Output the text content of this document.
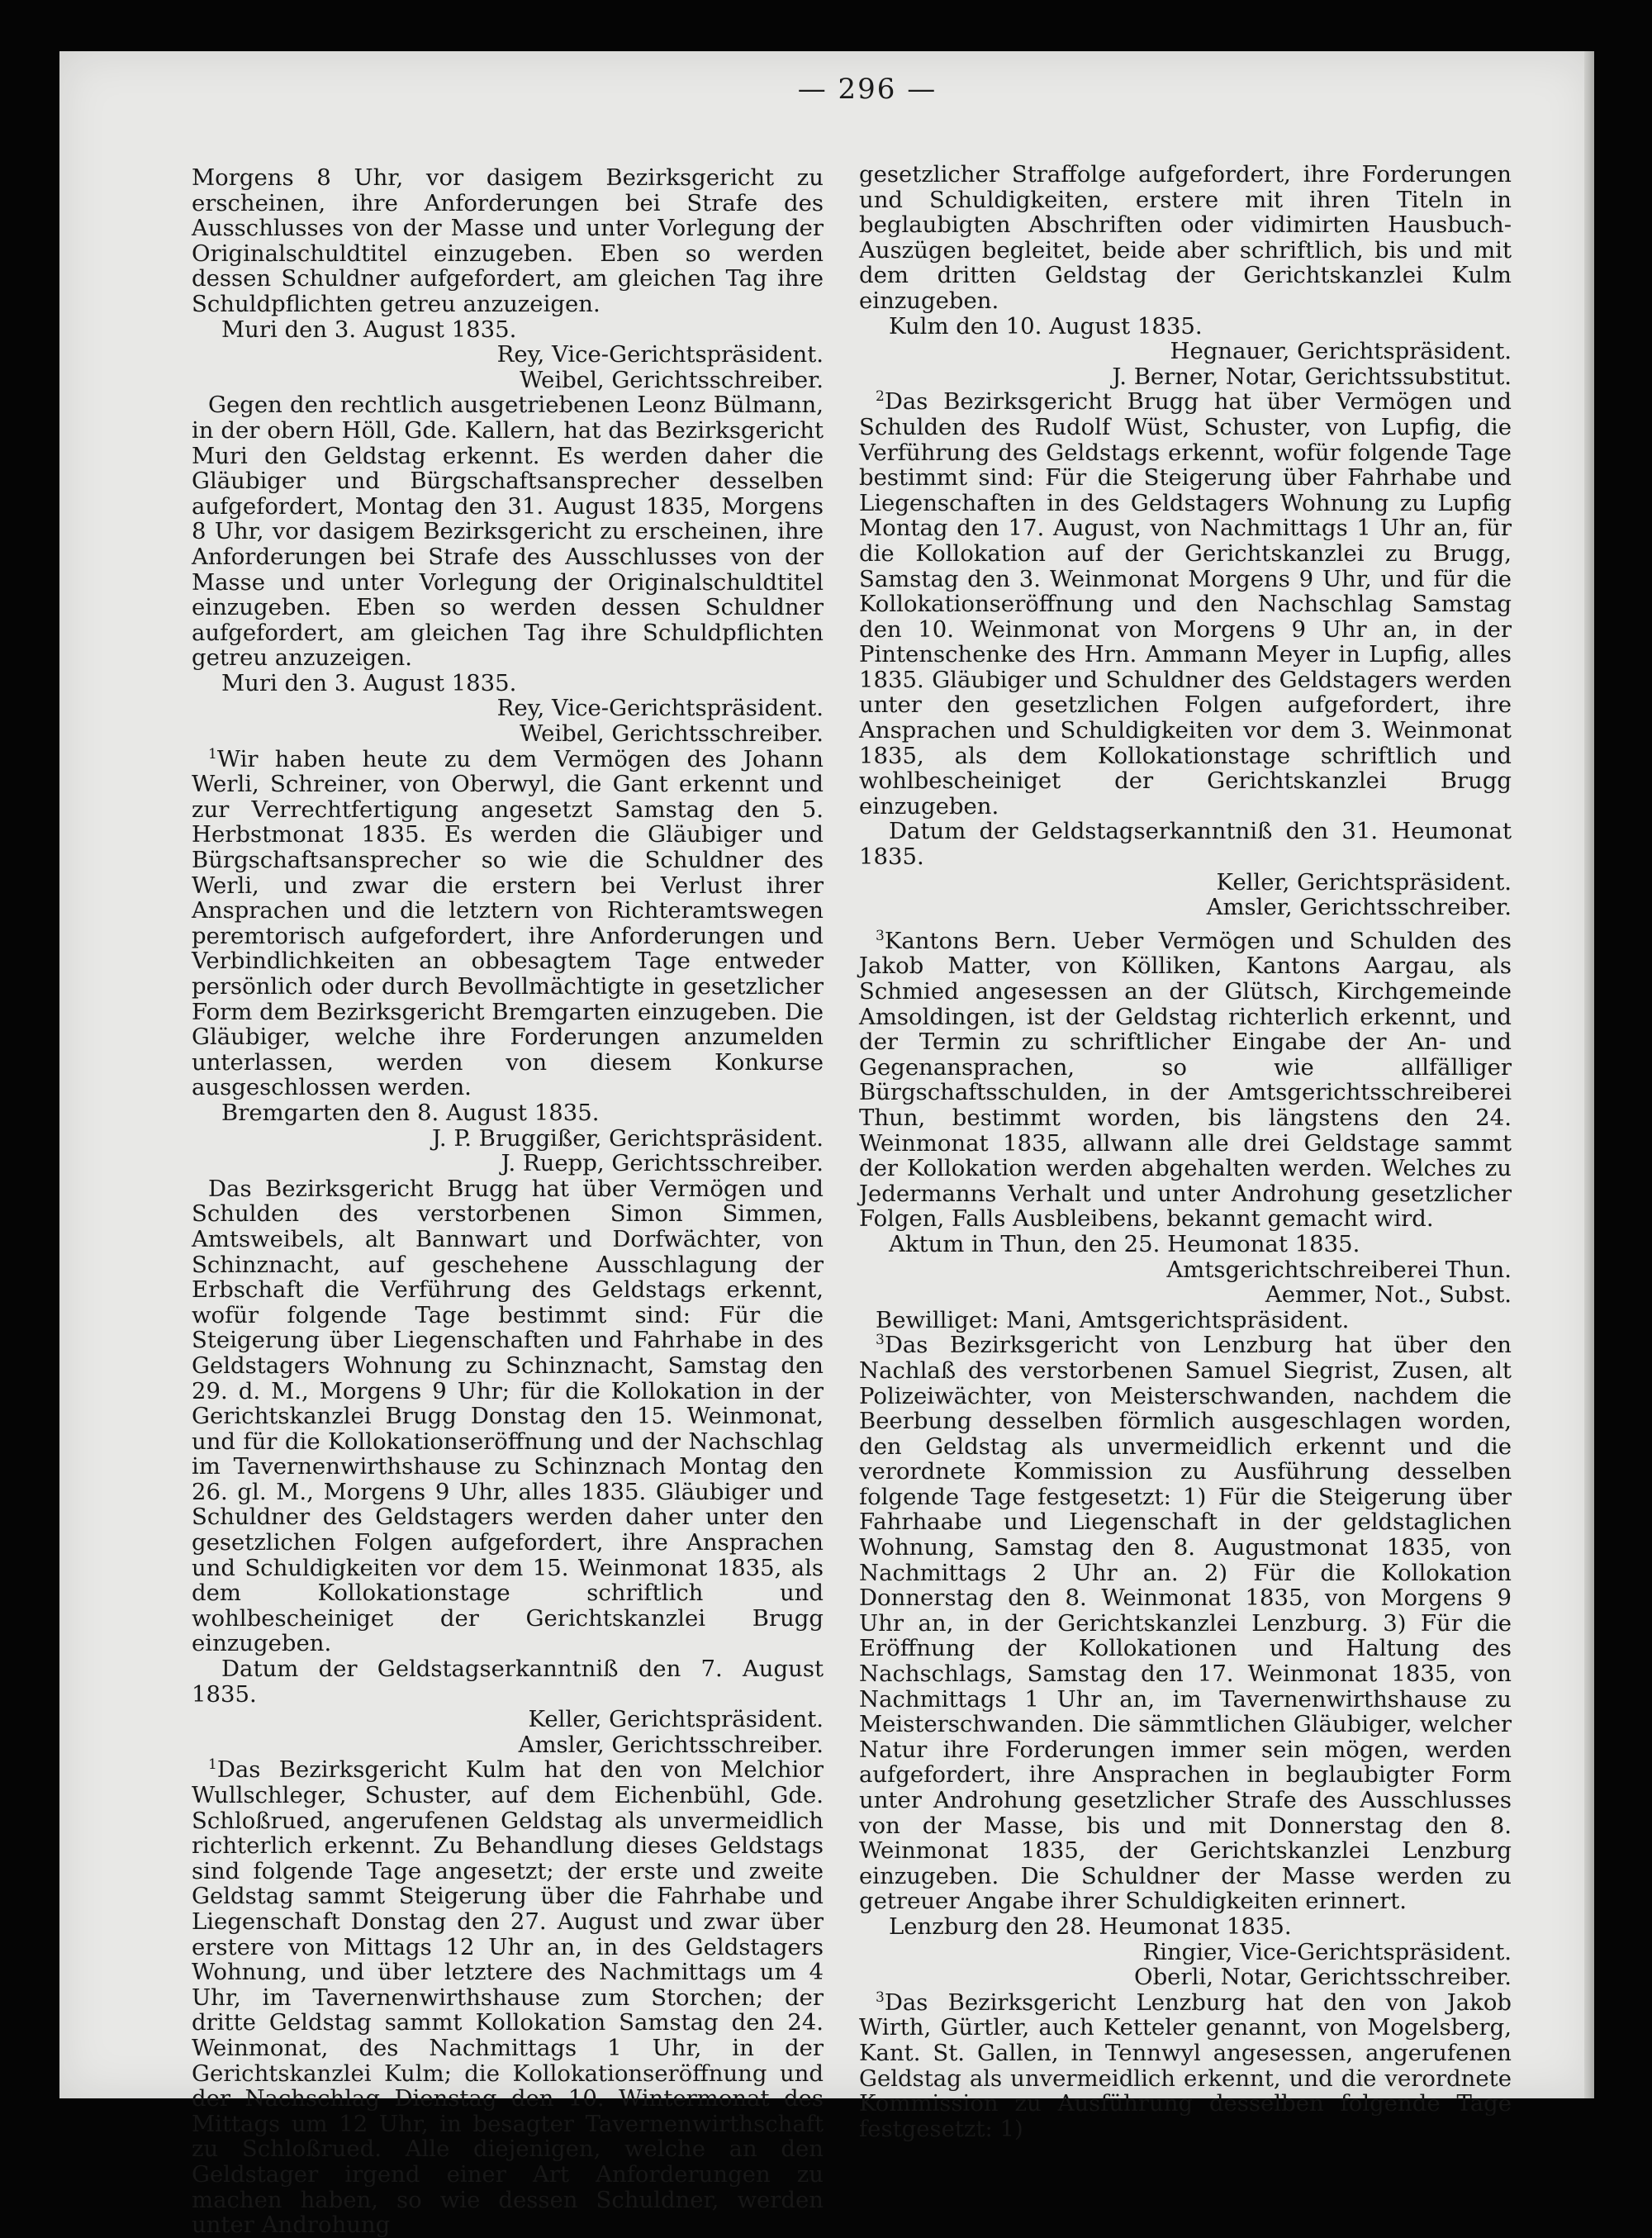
— 296 —

Morgens 8 Uhr, vor dasigem Bezirksgericht zu erscheinen, ihre Anforderungen bei Strafe des Ausschlusses von der Masse und unter Vorlegung der Originalschuldtitel einzugeben. Eben so werden dessen Schuldner aufgefordert, am gleichen Tag ihre Schuldpflichten getreu anzuzeigen.

Muri den 3. August 1835.

Rey, Vice-Gerichtspräsident.

Weibel, Gerichtsschreiber.

Gegen den rechtlich ausgetriebenen Leonz Bülmann, in der obern Höll, Gde. Kallern, hat das Bezirksgericht Muri den Geldstag erkennt. Es werden daher die Gläubiger und Bürgschaftsansprecher desselben aufgefordert, Montag den 31. August 1835, Morgens 8 Uhr, vor dasigem Bezirksgericht zu erscheinen, ihre Anforderungen bei Strafe des Ausschlusses von der Masse und unter Vorlegung der Originalschuldtitel einzugeben. Eben so werden dessen Schuldner aufgefordert, am gleichen Tag ihre Schuldpflichten getreu anzuzeigen.

Muri den 3. August 1835.

Rey, Vice-Gerichtspräsident.

Weibel, Gerichtsschreiber.

$^1$Wir haben heute zu dem Vermögen des Johann Werli, Schreiner, von Oberwyl, die Gant erkennt und zur Verrechtfertigung angesetzt Samstag den 5. Herbstmonat 1835. Es werden die Gläubiger und Bürgschaftsansprecher so wie die Schuldner des Werli, und zwar die erstern bei Verlust ihrer Ansprachen und die letztern von Richteramtswegen peremtorisch aufgefordert, ihre Anforderungen und Verbindlichkeiten an obbesagtem Tage entweder persönlich oder durch Bevollmächtigte in gesetzlicher Form dem Bezirksgericht Bremgarten einzugeben. Die Gläubiger, welche ihre Forderungen anzumelden unterlassen, werden von diesem Konkurse ausgeschlossen werden.

Bremgarten den 8. August 1835.

J. P. Bruggißer, Gerichtspräsident.

J. Ruepp, Gerichtsschreiber.

Das Bezirksgericht Brugg hat über Vermögen und Schulden des verstorbenen Simon Simmen, Amtsweibels, alt Bannwart und Dorfwächter, von Schinznacht, auf geschehene Ausschlagung der Erbschaft die Verführung des Geldstags erkennt, wofür folgende Tage bestimmt sind: Für die Steigerung über Liegenschaften und Fahrhabe in des Geldstagers Wohnung zu Schinznacht, Samstag den 29. d. M., Morgens 9 Uhr; für die Kollokation in der Gerichtskanzlei Brugg Donstag den 15. Weinmonat, und für die Kollokationseröffnung und der Nachschlag im Tavernenwirthshause zu Schinznach Montag den 26. gl. M., Morgens 9 Uhr, alles 1835. Gläubiger und Schuldner des Geldstagers werden daher unter den gesetzlichen Folgen aufgefordert, ihre Ansprachen und Schuldigkeiten vor dem 15. Weinmonat 1835, als dem Kollokationstage schriftlich und wohlbescheiniget der Gerichtskanzlei Brugg einzugeben.

Datum der Geldstagserkanntniß den 7. August 1835.

Keller, Gerichtspräsident.

Amsler, Gerichtsschreiber.

$^1$Das Bezirksgericht Kulm hat den von Melchior Wullschleger, Schuster, auf dem Eichenbühl, Gde. Schloßrued, angerufenen Geldstag als unvermeidlich richterlich erkennt. Zu Behandlung dieses Geldstags sind folgende Tage angesetzt; der erste und zweite Geldstag sammt Steigerung über die Fahrhabe und Liegenschaft Donstag den 27. August und zwar über erstere von Mittags 12 Uhr an, in des Geldstagers Wohnung, und über letztere des Nachmittags um 4 Uhr, im Tavernenwirthshause zum Storchen; der dritte Geldstag sammt Kollokation Samstag den 24. Weinmonat, des Nachmittags 1 Uhr, in der Gerichtskanzlei Kulm; die Kollokationseröffnung und der Nachschlag Dienstag den 10. Wintermonat des Mittags um 12 Uhr, in besagter Tavernenwirthschaft zu Schloßrued. Alle diejenigen, welche an den Geldstager irgend einer Art Anforderungen zu machen haben, so wie dessen Schuldner, werden unter Androhung

gesetzlicher Straffolge aufgefordert, ihre Forderungen und Schuldigkeiten, erstere mit ihren Titeln in beglaubigten Abschriften oder vidimirten Hausbuch-Auszügen begleitet, beide aber schriftlich, bis und mit dem dritten Geldstag der Gerichtskanzlei Kulm einzugeben.

Kulm den 10. August 1835.

Hegnauer, Gerichtspräsident.

J. Berner, Notar, Gerichtssubstitut.

$^2$Das Bezirksgericht Brugg hat über Vermögen und Schulden des Rudolf Wüst, Schuster, von Lupfig, die Verführung des Geldstags erkennt, wofür folgende Tage bestimmt sind: Für die Steigerung über Fahrhabe und Liegenschaften in des Geldstagers Wohnung zu Lupfig Montag den 17. August, von Nachmittags 1 Uhr an, für die Kollokation auf der Gerichtskanzlei zu Brugg, Samstag den 3. Weinmonat Morgens 9 Uhr, und für die Kollokationseröffnung und den Nachschlag Samstag den 10. Weinmonat von Morgens 9 Uhr an, in der Pintenschenke des Hrn. Ammann Meyer in Lupfig, alles 1835. Gläubiger und Schuldner des Geldstagers werden unter den gesetzlichen Folgen aufgefordert, ihre Ansprachen und Schuldigkeiten vor dem 3. Weinmonat 1835, als dem Kollokationstage schriftlich und wohlbescheiniget der Gerichtskanzlei Brugg einzugeben.

Datum der Geldstagserkanntniß den 31. Heumonat 1835.

Keller, Gerichtspräsident.

Amsler, Gerichtsschreiber.

$^3$Kantons Bern. Ueber Vermögen und Schulden des Jakob Matter, von Kölliken, Kantons Aargau, als Schmied angesessen an der Glütsch, Kirchgemeinde Amsoldingen, ist der Geldstag richterlich erkennt, und der Termin zu schriftlicher Eingabe der An- und Gegenansprachen, so wie allfälliger Bürgschaftsschulden, in der Amtsgerichtsschreiberei Thun, bestimmt worden, bis längstens den 24. Weinmonat 1835, allwann alle drei Geldstage sammt der Kollokation werden abgehalten werden. Welches zu Jedermanns Verhalt und unter Androhung gesetzlicher Folgen, Falls Ausbleibens, bekannt gemacht wird.

Aktum in Thun, den 25. Heumonat 1835.

Amtsgerichtschreiberei Thun.

Aemmer, Not., Subst.

Bewilliget: Mani, Amtsgerichtspräsident.

$^3$Das Bezirksgericht von Lenzburg hat über den Nachlaß des verstorbenen Samuel Siegrist, Zusen, alt Polizeiwächter, von Meisterschwanden, nachdem die Beerbung desselben förmlich ausgeschlagen worden, den Geldstag als unvermeidlich erkennt und die verordnete Kommission zu Ausführung desselben folgende Tage festgesetzt: 1) Für die Steigerung über Fahrhaabe und Liegenschaft in der geldstaglichen Wohnung, Samstag den 8. Augustmonat 1835, von Nachmittags 2 Uhr an. 2) Für die Kollokation Donnerstag den 8. Weinmonat 1835, von Morgens 9 Uhr an, in der Gerichtskanzlei Lenzburg. 3) Für die Eröffnung der Kollokationen und Haltung des Nachschlags, Samstag den 17. Weinmonat 1835, von Nachmittags 1 Uhr an, im Tavernenwirthshause zu Meisterschwanden. Die sämmtlichen Gläubiger, welcher Natur ihre Forderungen immer sein mögen, werden aufgefordert, ihre Ansprachen in beglaubigter Form unter Androhung gesetzlicher Strafe des Ausschlusses von der Masse, bis und mit Donnerstag den 8. Weinmonat 1835, der Gerichtskanzlei Lenzburg einzugeben. Die Schuldner der Masse werden zu getreuer Angabe ihrer Schuldigkeiten erinnert.

Lenzburg den 28. Heumonat 1835.

Ringier, Vice-Gerichtspräsident.

Oberli, Notar, Gerichtsschreiber.

$^3$Das Bezirksgericht Lenzburg hat den von Jakob Wirth, Gürtler, auch Ketteler genannt, von Mogelsberg, Kant. St. Gallen, in Tennwyl angesessen, angerufenen Geldstag als unvermeidlich erkennt, und die verordnete Kommission zu Ausführung desselben folgende Tage festgesetzt: 1)
